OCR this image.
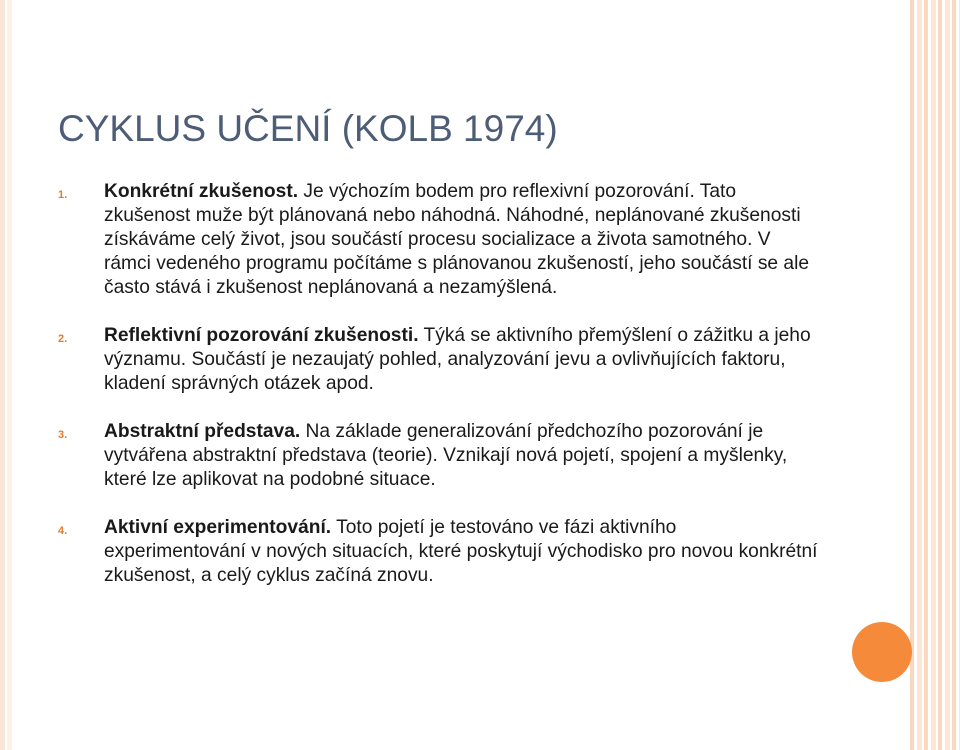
CYKLUS UČENÍ (KOLB 1974)
1. Konkrétní zkušenost. Je výchozím bodem pro reflexivní pozorování. Tato zkušenost muže být plánovaná nebo náhodná. Náhodné, neplánované zkušenosti získáváme celý život, jsou součástí procesu socializace a života samotného. V rámci vedeného programu počítáme s plánovanou zkušeností, jeho součástí se ale často stává i zkušenost neplánovaná a nezamýšlená.
2. Reflektivní pozorování zkušenosti. Týká se aktivního přemýšlení o zážitku a jeho významu. Součástí je nezaujatý pohled, analyzování jevu a ovlivňujících faktoru, kladení správných otázek apod.
3. Abstraktní představa. Na základe generalizování předchozího pozorování je vytvářena abstraktní představa (teorie). Vznikají nová pojetí, spojení a myšlenky, které lze aplikovat na podobné situace.
4. Aktivní experimentování. Toto pojetí je testováno ve fázi aktivního experimentování v nových situacích, které poskytují východisko pro novou konkrétní zkušenost, a celý cyklus začíná znovu.
